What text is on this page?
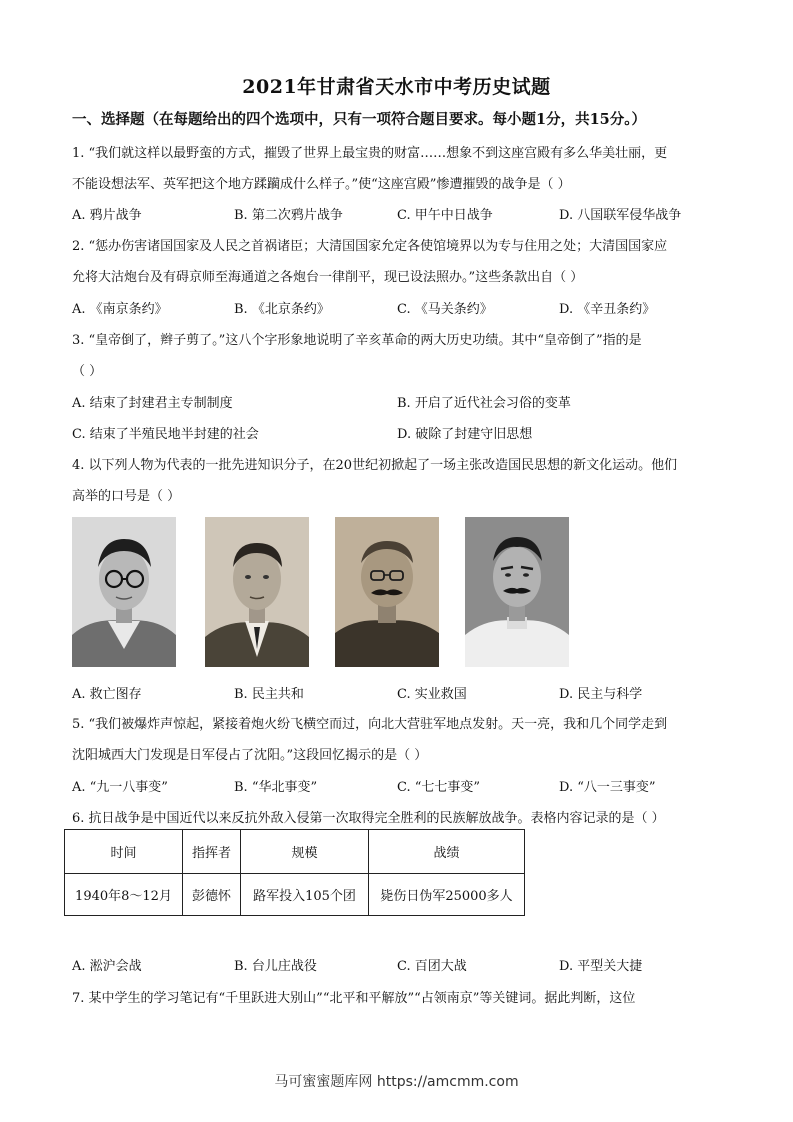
2021年甘肃省天水市中考历史试题
一、选择题（在每题给出的四个选项中，只有一项符合题目要求。每小题1分，共15分。）
1. “我们就这样以最野蛮的方式，摧毁了世界上最宝贵的财富……想象不到这座宫殿有多么华美壮丽，更
不能设想法军、英军把这个地方蹂躏成什么样子。”使“这座宫殿”惨遭摧毁的战争是（ ）
A. 鸦片战争	B. 第二次鸦片战争	C. 甲午中日战争	D. 八国联军侵华战争
2. “惩办伤害诸国国家及人民之首祸诸臣；大清国国家允定各使馆境界以为专与住用之处；大清国国家应
允将大沽炮台及有碍京师至海通道之各炮台一律削平，现已设法照办。”这些条款出自（ ）
A. 《南京条约》	B. 《北京条约》	C. 《马关条约》	D. 《辛丑条约》
3. “皇帝倒了，辫子剪了。”这八个字形象地说明了辛亥革命的两大历史功绩。其中“皇帝倒了”指的是
（ ）
A. 结束了封建君主专制制度	B. 开启了近代社会习俗的变革
C. 结束了半殖民地半封建的社会	D. 破除了封建守旧思想
4. 以下列人物为代表的一批先进知识分子，在20世纪初掀起了一场主张改造国民思想的新文化运动。他们
高举的口号是（ ）
A. 救亡图存	B. 民主共和	C. 实业救国	D. 民主与科学
5. “我们被爆炸声惊起，紧接着炮火纷飞横空而过，向北大营驻军地点发射。天一亮，我和几个同学走到
沈阳城西大门发现是日军侵占了沈阳。”这段回忆揭示的是（ ）
A. “九一八事变”	B. “华北事变”	C. “七七事变”	D. “八一三事变”
6. 抗日战争是中国近代以来反抗外敌入侵第一次取得完全胜利的民族解放战争。表格内容记录的是（ ）
时间	指挥者	规模	战绩
1940年8～12月	彭德怀	路军投入105个团	毙伤日伪军25000多人
A. 淞沪会战	B. 台儿庄战役	C. 百团大战	D. 平型关大捷
7. 某中学生的学习笔记有“千里跃进大别山”“北平和平解放”“占领南京”等关键词。据此判断，这位
马可蜜蜜题库网 https://amcmm.com
